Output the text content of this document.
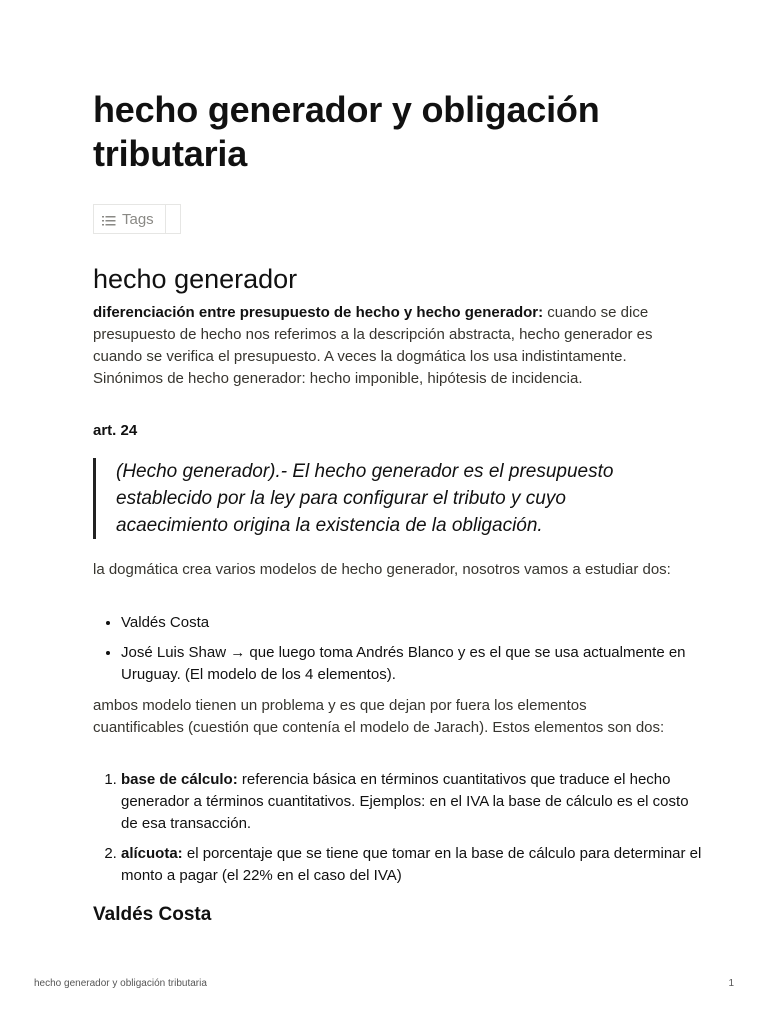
hecho generador y obligación tributaria
Tags
hecho generador

diferenciación entre presupuesto de hecho y hecho generador: cuando se dice presupuesto de hecho nos referimos a la descripción abstracta, hecho generador es cuando se verifica el presupuesto. A veces la dogmática los usa indistintamente. Sinónimos de hecho generador: hecho imponible, hipótesis de incidencia.

art. 24

(Hecho generador).- El hecho generador es el presupuesto establecido por la ley para configurar el tributo y cuyo acaecimiento origina la existencia de la obligación.

la dogmática crea varios modelos de hecho generador, nosotros vamos a estudiar dos:

• Valdés Costa
• José Luis Shaw → que luego toma Andrés Blanco y es el que se usa actualmente en Uruguay. (El modelo de los 4 elementos).

ambos modelo tienen un problema y es que dejan por fuera los elementos cuantificables (cuestión que contenía el modelo de Jarach). Estos elementos son dos:

1. base de cálculo: referencia básica en términos cuantitativos que traduce el hecho generador a términos cuantitativos. Ejemplos: en el IVA la base de cálculo es el costo de esa transacción.
2. alícuota: el porcentaje que se tiene que tomar en la base de cálculo para determinar el monto a pagar (el 22% en el caso del IVA)
Valdés Costa
hecho generador y obligación tributaria	1
